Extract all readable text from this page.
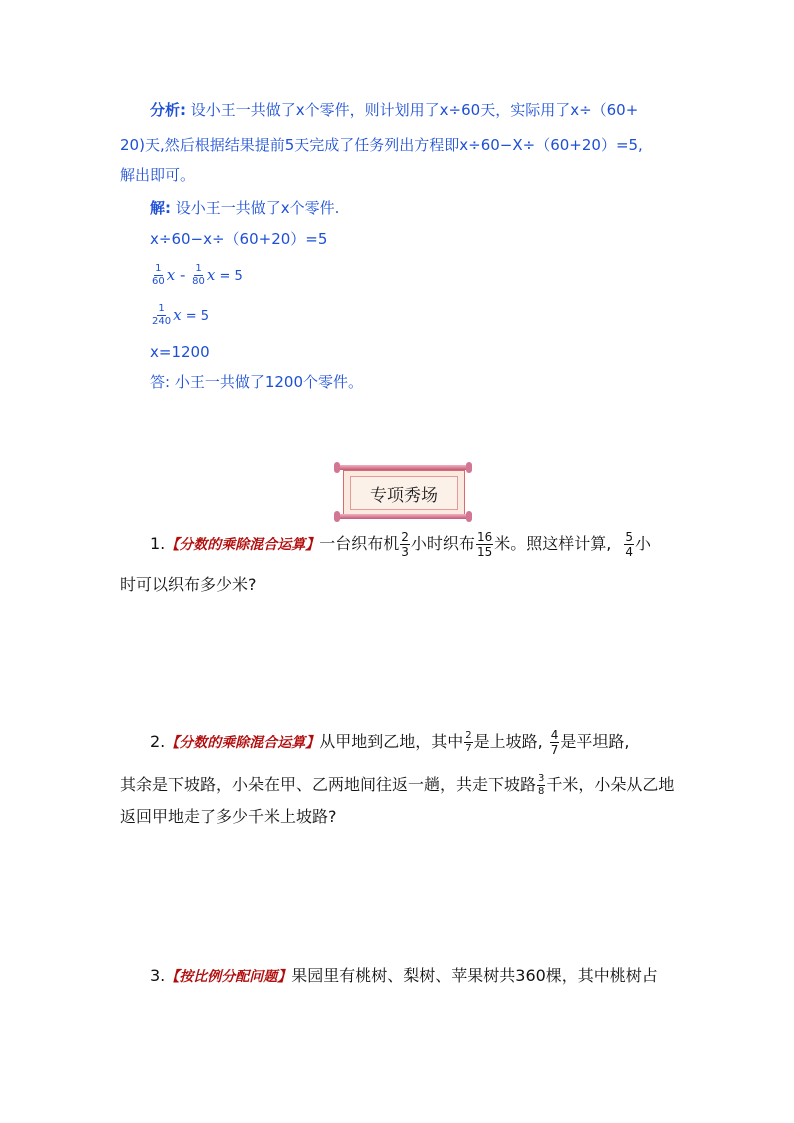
分析: 设小王一共做了x个零件，则计划用了x÷60天，实际用了x÷（60+
20)天,然后根据结果提前5天完成了任务列出方程即x÷60−X÷（60+20）=5,
解出即可。
解: 设小王一共做了x个零件.
x÷60−x÷（60+20）=5
$\frac{1}{60}$ x - $\frac{1}{80}$ x = 5
$\frac{1}{240}$ x = 5
x=1200
答: 小王一共做了1200个零件。
专项秀场
1.【分数的乘除混合运算】一台织布机 $\frac{2}{3}$ 小时织布 $\frac{16}{15}$ 米。照这样计算, $\frac{5}{4}$ 小
时可以织布多少米?
2.【分数的乘除混合运算】从甲地到乙地，其中 $\frac{2}{7}$ 是上坡路, $\frac{4}{7}$ 是平坦路,
其余是下坡路，小朵在甲、乙两地间往返一趟，共走下坡路 $\frac{3}{8}$ 千米，小朵从乙地
返回甲地走了多少千米上坡路?
3.【按比例分配问题】果园里有桃树、梨树、苹果树共360棵，其中桃树占
